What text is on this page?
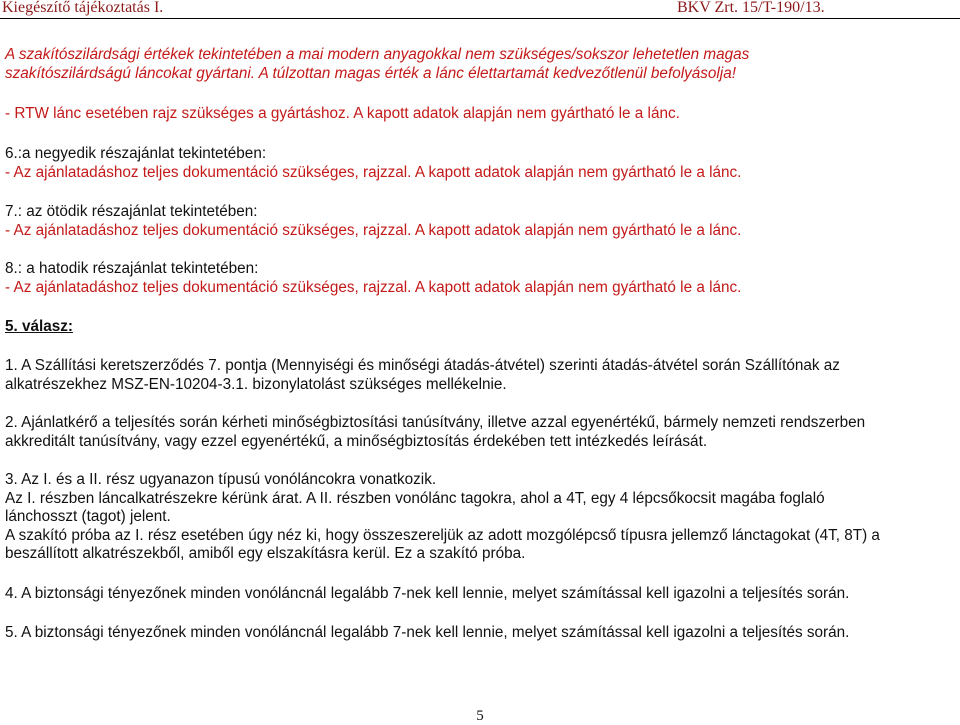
Kiegészítő tájékoztatás I.	BKV Zrt. 15/T-190/13.
A szakítószilárdsági értékek tekintetében a mai modern anyagokkal nem szükséges/sokszor lehetetlen magas
szakítószilárdságú láncokat gyártani. A túlzottan magas érték a lánc élettartamát kedvezőtlenül befolyásolja!
- RTW lánc esetében rajz szükséges a gyártáshoz. A kapott adatok alapján nem gyártható le a lánc.
6.:a negyedik részajánlat tekintetében:
- Az ajánlatadáshoz teljes dokumentáció szükséges, rajzzal. A kapott adatok alapján nem gyártható le a lánc.
7.: az ötödik részajánlat tekintetében:
- Az ajánlatadáshoz teljes dokumentáció szükséges, rajzzal. A kapott adatok alapján nem gyártható le a lánc.
8.: a hatodik részajánlat tekintetében:
- Az ajánlatadáshoz teljes dokumentáció szükséges, rajzzal. A kapott adatok alapján nem gyártható le a lánc.
5. válasz:
1. A Szállítási keretszerződés 7. pontja (Mennyiségi és minőségi átadás-átvétel) szerinti átadás-átvétel során Szállítónak az
alkatrészekhez MSZ-EN-10204-3.1. bizonylatolást szükséges mellékelnie.
2. Ajánlatkérő a teljesítés során kérheti minőségbiztosítási tanúsítvány, illetve azzal egyenértékű, bármely nemzeti rendszerben
akkreditált tanúsítvány, vagy ezzel egyenértékű, a minőségbiztosítás érdekében tett intézkedés leírását.
3. Az I. és a II. rész ugyanazon típusú vonóláncokra vonatkozik.
Az I. részben láncalkatrészekre kérünk árat. A II. részben vonólánc tagokra, ahol a 4T, egy 4 lépcsőkocsit magába foglaló
lánchosszt (tagot) jelent.
A szakító próba az I. rész esetében úgy néz ki, hogy összeszereljük az adott mozgólépcső típusra jellemző lánctagokat (4T, 8T) a
beszállított alkatrészekből, amiből egy elszakításra kerül. Ez a szakító próba.
4. A biztonsági tényezőnek minden vonóláncnál legalább 7-nek kell lennie, melyet számítással kell igazolni a teljesítés során.
5. A biztonsági tényezőnek minden vonóláncnál legalább 7-nek kell lennie, melyet számítással kell igazolni a teljesítés során.
5
